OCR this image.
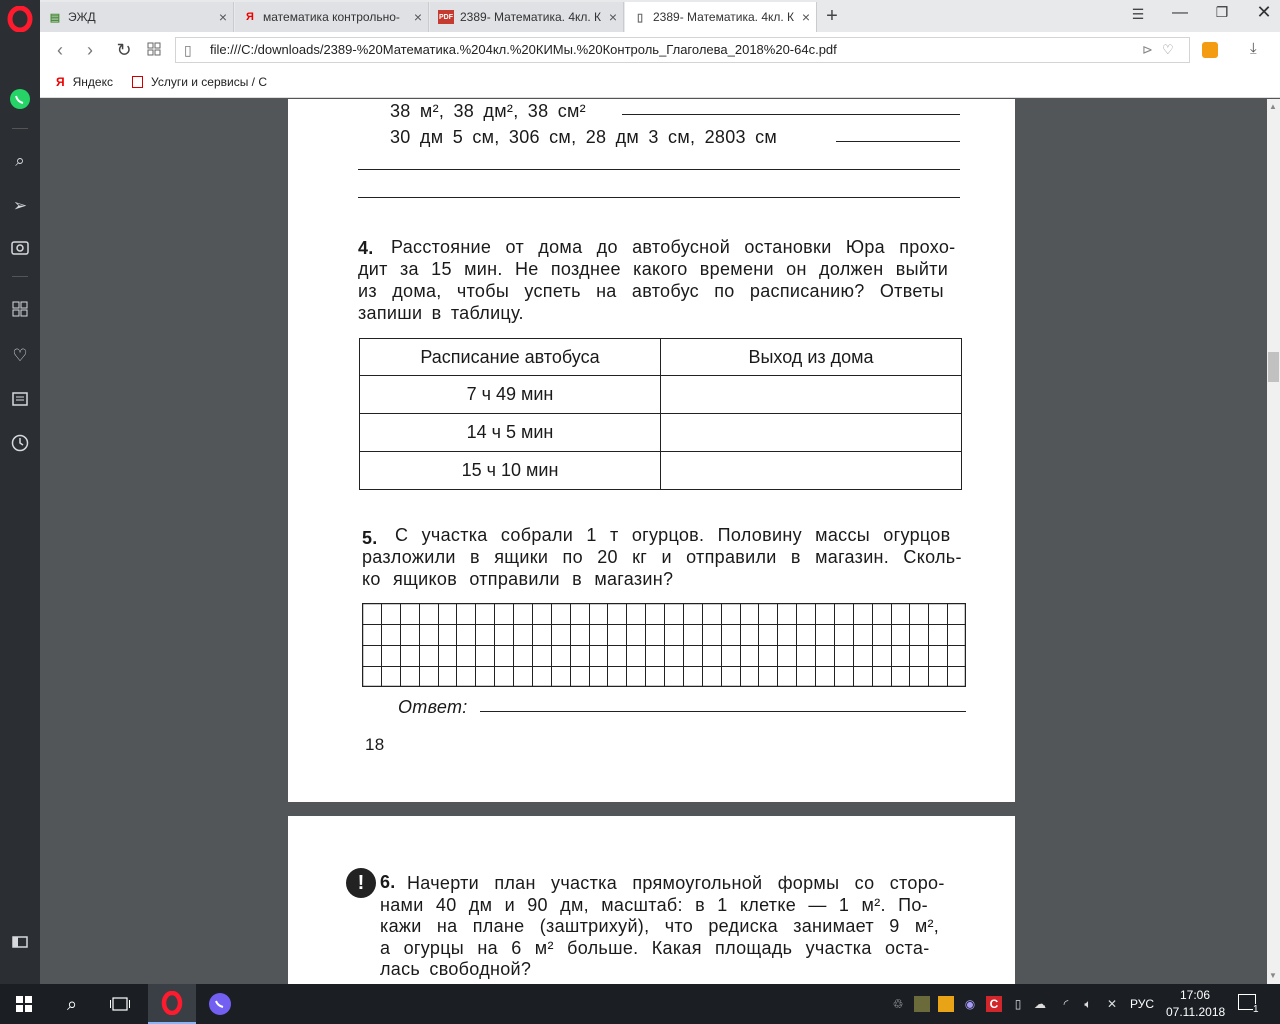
⌕
➢
♡
▤ ЭЖД	×	Я математика контрольно-	×	PDF 2389- Математика. 4кл. К ×	▯ 2389- Математика. 4кл. К × +	☰ —	❐	✕
‹	›	↻	▯ file:///C:/downloads/2389-%20Математика.%204кл.%20КИМы.%20Контроль_Глаголева_2018%20-64c.pdf	⊳ ♡	⤓
Я Яндекс	Услуги и сервисы / С
38 м², 38 дм², 38 см²
30 дм 5 см, 306 см, 28 дм 3 см, 2803 см
4. Расстояние от дома до автобусной остановки Юра прохо-
дит за 15 мин. Не позднее какого времени он должен выйти
из дома, чтобы успеть на автобус по расписанию? Ответы
запиши в таблицу.
Расписание автобуса	Выход из дома
7 ч 49 мин	
14 ч 5 мин	
15 ч 10 мин	
5. С участка собрали 1 т огурцов. Половину массы огурцов
разложили в ящики по 20 кг и отправили в магазин. Сколь-
ко ящиков отправили в магазин?
Ответ:
18
! 6. Начерти план участка прямоугольной формы со сторо-
нами 40 дм и 90 дм, масштаб: в 1 клетке — 1 м². По-
кажи на плане (заштрихуй), что редиска занимает 9 м²,
а огурцы на 6 м² больше. Какая площадь участка оста-
лась свободной?
▲
▼
⌕	♲	◉	C	▯	☁	◜	🔈︎	✕ РУС
17:06
07.11.2018	1
